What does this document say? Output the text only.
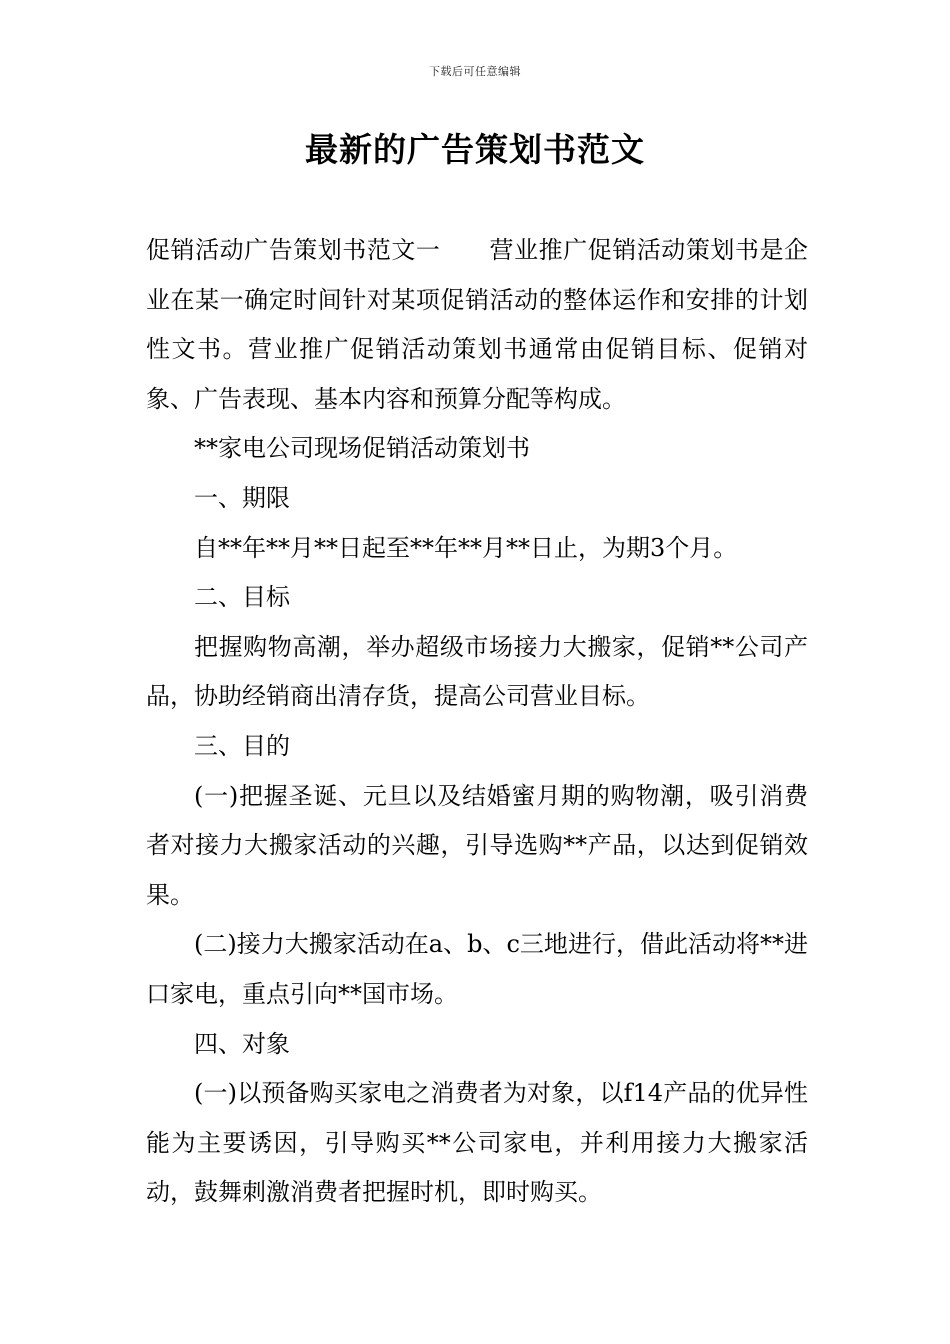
下载后可任意编辑
最新的广告策划书范文

促销活动广告策划书范文一　　营业推广促销活动策划书是企业在某一确定时间针对某项促销活动的整体运作和安排的计划性文书。营业推广促销活动策划书通常由促销目标、促销对象、广告表现、基本内容和预算分配等构成。

**家电公司现场促销活动策划书

一、期限

自**年**月**日起至**年**月**日止，为期3个月。

二、目标

把握购物高潮，举办超级市场接力大搬家，促销**公司产品，协助经销商出清存货，提高公司营业目标。

三、目的

(一)把握圣诞、元旦以及结婚蜜月期的购物潮，吸引消费者对接力大搬家活动的兴趣，引导选购**产品，以达到促销效果。

(二)接力大搬家活动在a、b、c三地进行，借此活动将**进口家电，重点引向**国市场。

四、对象

(一)以预备购买家电之消费者为对象，以f14产品的优异性能为主要诱因，引导购买**公司家电，并利用接力大搬家活动，鼓舞刺激消费者把握时机，即时购买。
